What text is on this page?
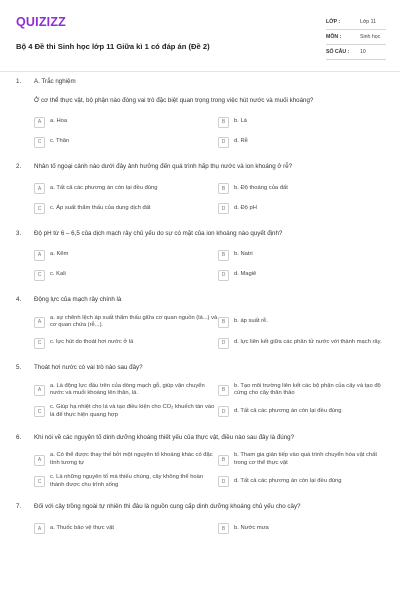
QUIZIZZ
Bộ 4 Đề thi Sinh học lớp 11 Giữa kì 1 có đáp án (Đề 2)
LỚP :	Lớp 11
MÔN :	Sinh học
SỐ CÂU : 10
1.	A. Trắc nghiệm
Ở cơ thể thực vật, bộ phận nào đóng vai trò đặc biệt quan trọng trong việc hút nước và muối khoáng?
A	a. Hoa	B	b. Lá
C	c. Thân	D	d. Rễ
2.	Nhân tố ngoại cảnh nào dưới đây ảnh hưởng đến quá trình hấp thụ nước và ion khoáng ở rễ?
A	a. Tất cả các phương án còn lại đều đúng	B	b. Độ thoáng của đất
C	c. Áp suất thẩm thấu của dung dịch đất	D	d. Độ pH
3.	Độ pH từ 6 – 6,5 của dịch mạch rây chủ yếu do sự có mặt của ion khoáng nào quyết định?
A	a. Kẽm	B	b. Natri
C	c. Kali	D	d. Magiê
4.	Động lực của mạch rây chính là
A
a. sự chênh lệch áp suất thẩm thấu giữa cơ quan nguồn (lá...) và cơ quan chứa (rễ...).	B	b. áp suất rễ.
C	c. lực hút do thoát hơi nước ở lá	D	d. lực liên kết giữa các phân tử nước với thành mạch rây.
5.	Thoát hơi nước có vai trò nào sau đây?
A
a. Là động lực đầu trên của dòng mạch gỗ, giúp vận chuyển nước và muối khoáng lên thân, lá.	B
b. Tạo môi trường liên kết các bộ phận của cây và tạo độ cứng cho cây thân thảo
C
c. Giúp hạ nhiệt cho lá và tạo điều kiện cho CO₂ khuếch tán vào lá để thực hiện quang hợp	D	d. Tất cả các phương án còn lại đều đúng
6.	Khi nói về các nguyên tố dinh dưỡng khoáng thiết yếu của thực vật, điều nào sau đây là đúng?
A
a. Có thể được thay thế bởi một nguyên tố khoáng khác có đặc tính tương tự	B
b. Tham gia gián tiếp vào quá trình chuyển hóa vật chất trong cơ thể thực vật
C
c. Là những nguyên tố mà thiếu chúng, cây không thể hoàn thành được chu trình sống	D	d. Tất cả các phương án còn lại đều đúng
7.	Đối với cây trồng ngoài tự nhiên thì đâu là nguồn cung cấp dinh dưỡng khoáng chủ yếu cho cây?
A	a. Thuốc bảo vệ thực vật	B	b. Nước mưa
